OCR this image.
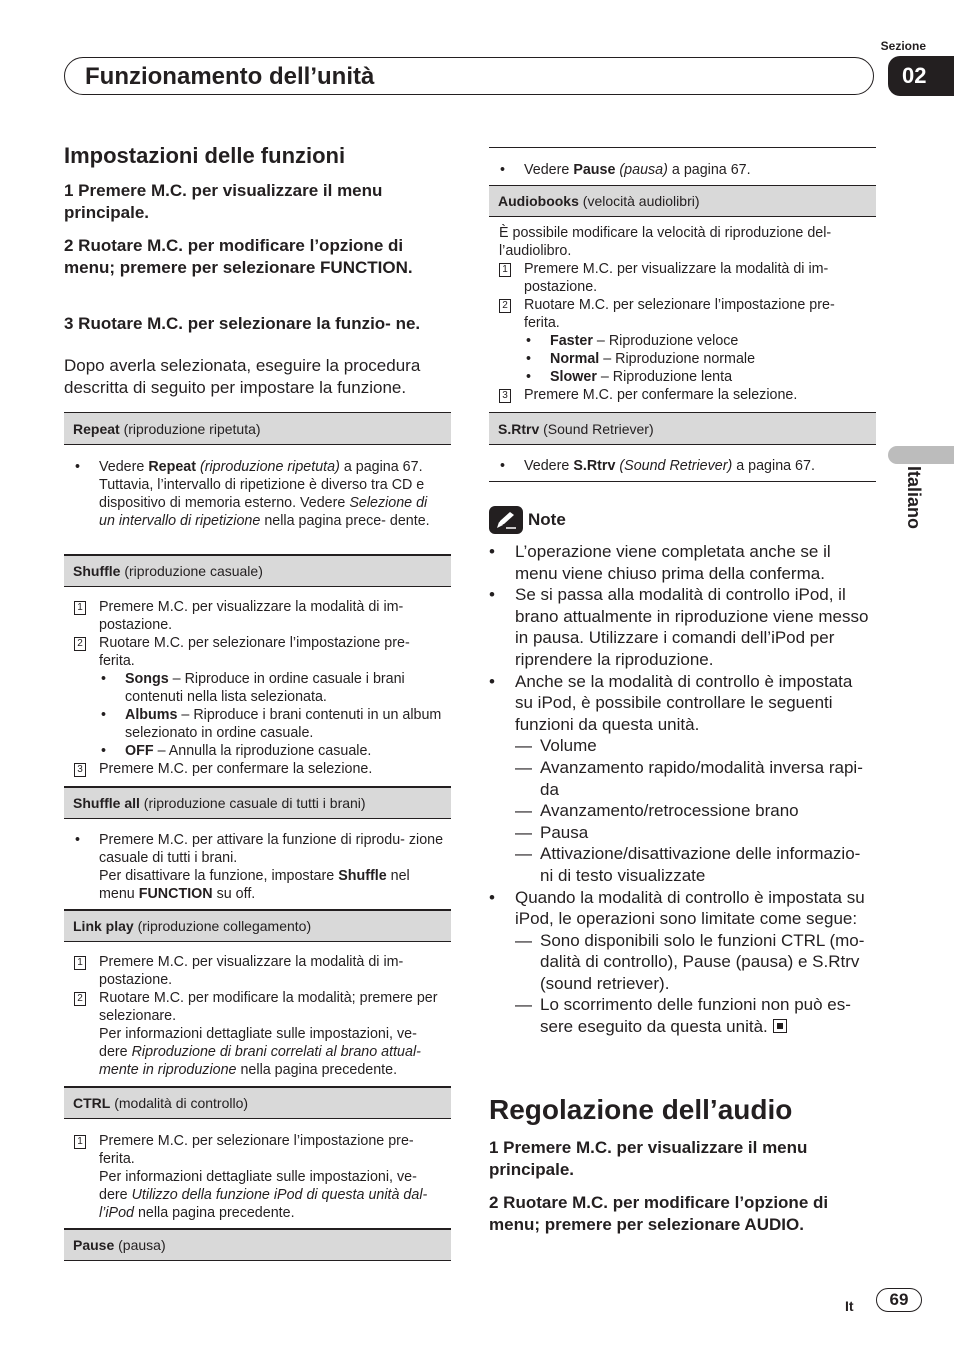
Sezione
Funzionamento dell’unità	02
Italiano
Impostazioni delle funzioni
1 Premere M.C. per visualizzare il menu principale.
2 Ruotare M.C. per modificare l’opzione di menu; premere per selezionare FUNCTION.
3 Ruotare M.C. per selezionare la funzio- ne.
Dopo averla selezionata, eseguire la procedura descritta di seguito per impostare la funzione.
Repeat
(riproduzione ripetuta)
• Vedere Repeat (riproduzione ripetuta) a pagina 67. Tuttavia, l’intervallo di ripetizione è diverso tra CD e dispositivo di memoria esterno. Vedere Selezione di un intervallo di ripetizione nella pagina prece- dente.
Shuffle
(riproduzione casuale)
1 Premere M.C. per visualizzare la modalità di im- postazione.
2 Ruotare M.C. per selezionare l’impostazione pre- ferita.
• Songs – Riproduce in ordine casuale i brani contenuti nella lista selezionata.
• Albums – Riproduce i brani contenuti in un album selezionato in ordine casuale.
• OFF – Annulla la riproduzione casuale.
3 Premere M.C. per confermare la selezione.
Shuffle all
(riproduzione casuale di tutti i brani)
• Premere M.C. per attivare la funzione di riprodu- zione casuale di tutti i brani.
Per disattivare la funzione, impostare Shuffle nel menu FUNCTION su off.
Link play
(riproduzione collegamento)
1 Premere M.C. per visualizzare la modalità di im- postazione.
2 Ruotare M.C. per modificare la modalità; premere per selezionare.
Per informazioni dettagliate sulle impostazioni, ve- dere Riproduzione di brani correlati al brano attual- mente in riproduzione nella pagina precedente.
CTRL
(modalità di controllo)
1 Premere M.C. per selezionare l’impostazione pre- ferita.
Per informazioni dettagliate sulle impostazioni, ve- dere Utilizzo della funzione iPod di questa unità dal- l’iPod nella pagina precedente.
Pause
(pausa)
• Vedere Pause (pausa) a pagina 67.
Audiobooks
(velocità audiolibri)
È possibile modificare la velocità di riproduzione del- l’audiolibro.
1 Premere M.C. per visualizzare la modalità di im- postazione.
2 Ruotare M.C. per selezionare l’impostazione pre- ferita.
• Faster – Riproduzione veloce
• Normal – Riproduzione normale
• Slower – Riproduzione lenta
3 Premere M.C. per confermare la selezione.
S.Rtrv
(Sound Retriever)
• Vedere S.Rtrv (Sound Retriever) a pagina 67.
Note
• L’operazione viene completata anche se il menu viene chiuso prima della conferma.
• Se si passa alla modalità di controllo iPod, il brano attualmente in riproduzione viene messo in pausa. Utilizzare i comandi dell’iPod per riprendere la riproduzione.
• Anche se la modalità di controllo è impostata su iPod, è possibile controllare le seguenti funzioni da questa unità.
— Volume
— Avanzamento rapido/modalità inversa rapi- da
— Avanzamento/retrocessione brano
— Pausa
— Attivazione/disattivazione delle informazio- ni di testo visualizzate
• Quando la modalità di controllo è impostata su iPod, le operazioni sono limitate come segue:
— Sono disponibili solo le funzioni CTRL (mo- dalità di controllo), Pause (pausa) e S.Rtrv (sound retriever).
— Lo scorrimento delle funzioni non può es- sere eseguito da questa unità.
Regolazione dell’audio
1 Premere M.C. per visualizzare il menu principale.
2 Ruotare M.C. per modificare l’opzione di menu; premere per selezionare AUDIO.
It	69
